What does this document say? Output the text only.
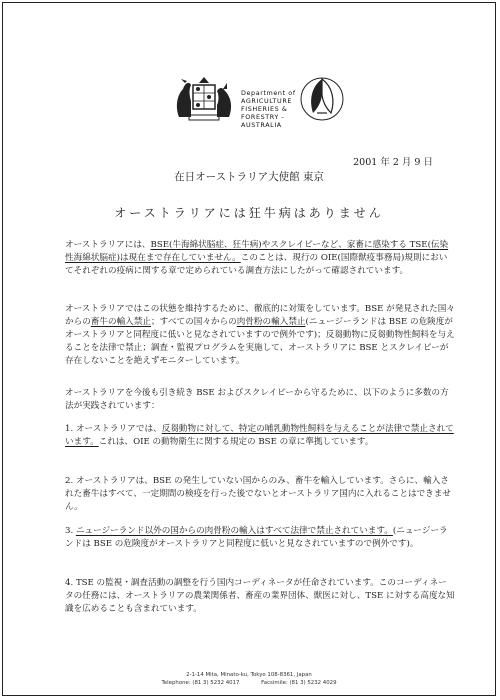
Department of
AGRICULTURE
FISHERIES &
FORESTRY -
AUSTRALIA
2001 年 2 月 9 日
在日オーストラリア大使館 東京
オーストラリアには狂牛病はありません
オーストラリアには、BSE(牛海綿状脳症、狂牛病)やスクレイピーなど、家畜に感染する TSE(伝染性海綿状脳症)は現在まで存在していません。このことは、現行の OIE(国際獣疫事務局)規則においてそれぞれの疫病に関する章で定められている調査方法にしたがって確認されています。
オーストラリアではこの状態を維持するために、徹底的に対策をしています。BSE が発見された国々からの畜牛の輸入禁止；すべての国々からの肉骨粉の輸入禁止(ニュージーランドは BSE の危険度がオーストラリアと同程度に低いと見なされていますので例外です)；反芻動物に反芻動物性飼料を与えることを法律で禁止；調査・監視プログラムを実施して、オーストラリアに BSE とスクレイピーが存在しないことを絶えずモニターしています。
オーストラリアを今後も引き続き BSE およびスクレイピーから守るために、以下のように多数の方法が実践されています：
1. オーストラリアでは、反芻動物に対して、特定の哺乳動物性飼料を与えることが法律で禁止されています。これは、OIE の動物衛生に関する規定の BSE の章に準拠しています。
2. オーストラリアは、BSE の発生していない国からのみ、畜牛を輸入しています。さらに、輸入された畜牛はすべて、一定期間の検疫を行った後でないとオーストラリア国内に入れることはできません。
3. ニュージーランド以外の国からの肉骨粉の輸入はすべて法律で禁止されています。(ニュージーランドは BSE の危険度がオーストラリアと同程度に低いと見なされていますので例外です)。
4. TSE の監視・調査活動の調整を行う国内コーディネータが任命されています。このコーディネータの任務には、オーストラリアの農業関係者、畜産の業界団体、獣医に対し、TSE に対する高度な知識を広めることも含まれています。
2-1-14 Mita, Minato-ku, Tokyo 108-8361, Japan
Telephone: (81 3) 5232 4017	Facsimile: (81 3) 5232 4029
